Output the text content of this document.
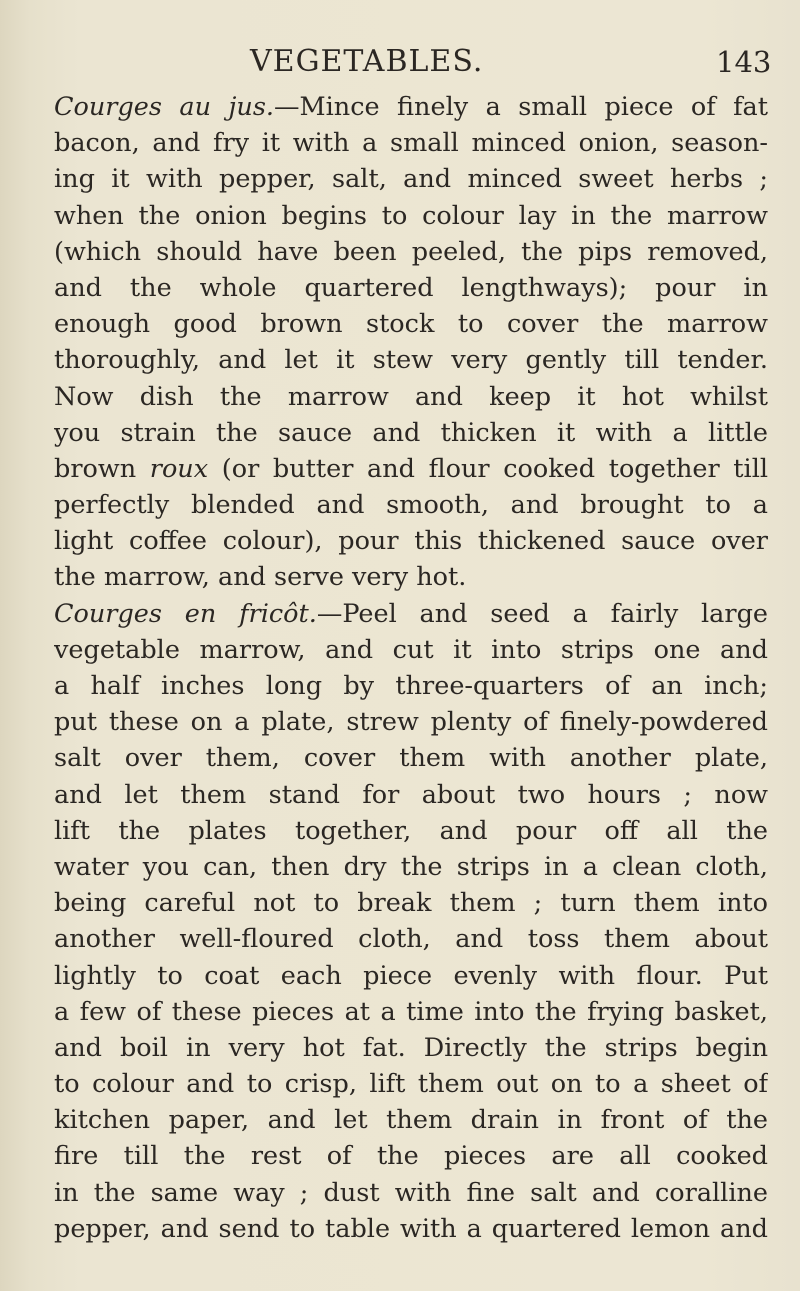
VEGETABLES.	143
Courges au jus.—Mince finely a small piece of fat
bacon, and fry it with a small minced onion, season-
ing it with pepper, salt, and minced sweet herbs ;
when the onion begins to colour lay in the marrow
(which should have been peeled, the pips removed,
and the whole quartered lengthways); pour in
enough good brown stock to cover the marrow
thoroughly, and let it stew very gently till tender.
Now dish the marrow and keep it hot whilst
you strain the sauce and thicken it with a little
brown roux (or butter and flour cooked together till
perfectly blended and smooth, and brought to a
light coffee colour), pour this thickened sauce over
the marrow, and serve very hot.
Courges en fricôt.—Peel and seed a fairly large
vegetable marrow, and cut it into strips one and
a half inches long by three-quarters of an inch;
put these on a plate, strew plenty of finely-powdered
salt over them, cover them with another plate,
and let them stand for about two hours ; now
lift the plates together, and pour off all the
water you can, then dry the strips in a clean cloth,
being careful not to break them ; turn them into
another well-floured cloth, and toss them about
lightly to coat each piece evenly with flour. Put
a few of these pieces at a time into the frying basket,
and boil in very hot fat. Directly the strips begin
to colour and to crisp, lift them out on to a sheet of
kitchen paper, and let them drain in front of the
fire till the rest of the pieces are all cooked
in the same way ; dust with fine salt and coralline
pepper, and send to table with a quartered lemon and
